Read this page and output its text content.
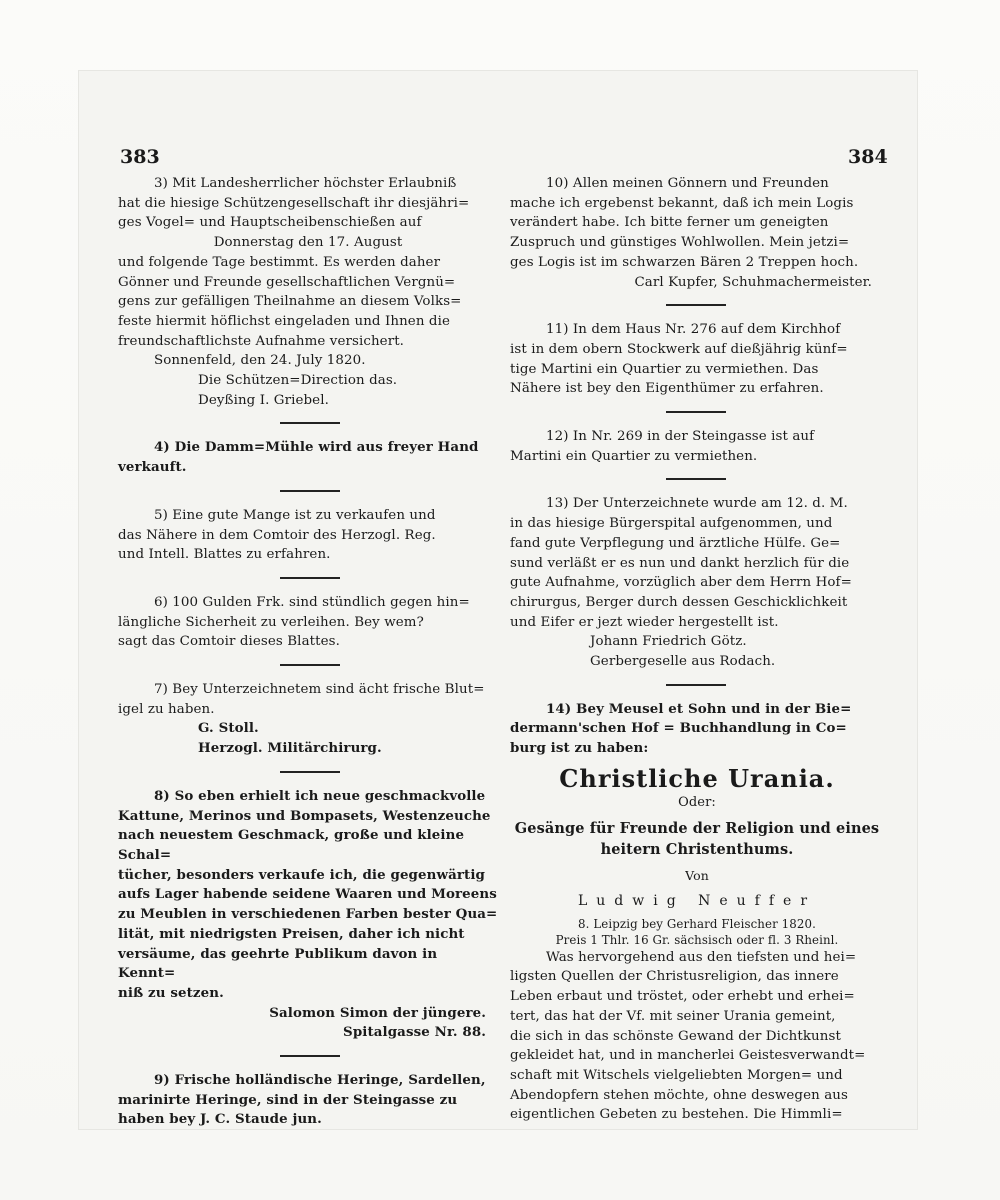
383	384
3) Mit Landesherrlicher höchster Erlaubniß
hat die hiesige Schützengesellschaft ihr diesjähri=
ges Vogel= und Hauptscheibenschießen auf
Donnerstag den 17. August
und folgende Tage bestimmt. Es werden daher
Gönner und Freunde gesellschaftlichen Vergnü=
gens zur gefälligen Theilnahme an diesem Volks=
feste hiermit höflichst eingeladen und Ihnen die
freundschaftlichste Aufnahme versichert.
Sonnenfeld, den 24. July 1820.
Die Schützen=Direction das.
Deyßing I. Griebel.
4) Die Damm=Mühle wird aus freyer Hand
verkauft.
5) Eine gute Mange ist zu verkaufen und
das Nähere in dem Comtoir des Herzogl. Reg.
und Intell. Blattes zu erfahren.
6) 100 Gulden Frk. sind stündlich gegen hin=
längliche Sicherheit zu verleihen. Bey wem?
sagt das Comtoir dieses Blattes.
7) Bey Unterzeichnetem sind ächt frische Blut=
igel zu haben.
G. Stoll.
Herzogl. Militärchirurg.
8) So eben erhielt ich neue geschmackvolle
Kattune, Merinos und Bompasets, Westenzeuche
nach neuestem Geschmack, große und kleine Schal=
tücher, besonders verkaufe ich, die gegenwärtig
aufs Lager habende seidene Waaren und Moreens
zu Meublen in verschiedenen Farben bester Qua=
lität, mit niedrigsten Preisen, daher ich nicht
versäume, das geehrte Publikum davon in Kennt=
niß zu setzen.
Salomon Simon der jüngere.
Spitalgasse Nr. 88.
9) Frische holländische Heringe, Sardellen,
marinirte Heringe, sind in der Steingasse zu
haben bey J. C. Staude jun.
10) Allen meinen Gönnern und Freunden
mache ich ergebenst bekannt, daß ich mein Logis
verändert habe. Ich bitte ferner um geneigten
Zuspruch und günstiges Wohlwollen. Mein jetzi=
ges Logis ist im schwarzen Bären 2 Treppen hoch.
Carl Kupfer, Schuhmachermeister.
11) In dem Haus Nr. 276 auf dem Kirchhof
ist in dem obern Stockwerk auf dießjährig künf=
tige Martini ein Quartier zu vermiethen. Das
Nähere ist bey den Eigenthümer zu erfahren.
12) In Nr. 269 in der Steingasse ist auf
Martini ein Quartier zu vermiethen.
13) Der Unterzeichnete wurde am 12. d. M.
in das hiesige Bürgerspital aufgenommen, und
fand gute Verpflegung und ärztliche Hülfe. Ge=
sund verläßt er es nun und dankt herzlich für die
gute Aufnahme, vorzüglich aber dem Herrn Hof=
chirurgus, Berger durch dessen Geschicklichkeit
und Eifer er jezt wieder hergestellt ist.
Johann Friedrich Götz.
Gerbergeselle aus Rodach.
14) Bey Meusel et Sohn und in der Bie=
dermann'schen Hof = Buchhandlung in Co=
burg ist zu haben:
Christliche Urania.
Oder:
Gesänge für Freunde der Religion und eines
heitern Christenthums.
Von
Ludwig Neuffer
8. Leipzig bey Gerhard Fleischer 1820.
Preis 1 Thlr. 16 Gr. sächsisch oder fl. 3 Rheinl.
Was hervorgehend aus den tiefsten und hei=
ligsten Quellen der Christusreligion, das innere
Leben erbaut und tröstet, oder erhebt und erhei=
tert, das hat der Vf. mit seiner Urania gemeint,
die sich in das schönste Gewand der Dichtkunst
gekleidet hat, und in mancherlei Geistesverwandt=
schaft mit Witschels vielgeliebten Morgen= und
Abendopfern stehen möchte, ohne deswegen aus
eigentlichen Gebeten zu bestehen. Die Himmli=
